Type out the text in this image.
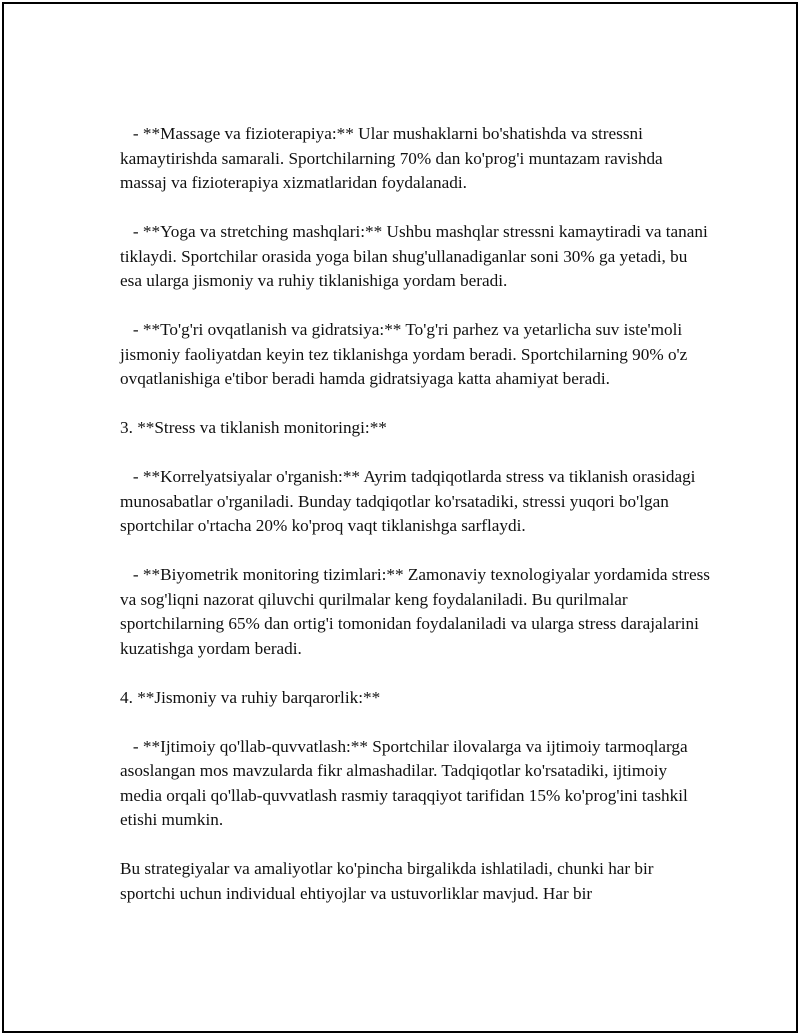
- **Massage va fizioterapiya:** Ular mushaklarni bo'shatishda va stressni kamaytirishda samarali. Sportchilarning 70% dan ko'prog'i muntazam ravishda massaj va fizioterapiya xizmatlaridan foydalanadi.

- **Yoga va stretching mashqlari:** Ushbu mashqlar stressni kamaytiradi va tanani tiklaydi. Sportchilar orasida yoga bilan shug'ullanadiganlar soni 30% ga yetadi, bu esa ularga jismoniy va ruhiy tiklanishiga yordam beradi.

- **To'g'ri ovqatlanish va gidratsiya:** To'g'ri parhez va yetarlicha suv iste'moli jismoniy faoliyatdan keyin tez tiklanishga yordam beradi. Sportchilarning 90% o'z ovqatlanishiga e'tibor beradi hamda gidratsiyaga katta ahamiyat beradi.

3. **Stress va tiklanish monitoringi:**

- **Korrelyatsiyalar o'rganish:** Ayrim tadqiqotlarda stress va tiklanish orasidagi munosabatlar o'rganiladi. Bunday tadqiqotlar ko'rsatadiki, stressi yuqori bo'lgan sportchilar o'rtacha 20% ko'proq vaqt tiklanishga sarflaydi.

- **Biyometrik monitoring tizimlari:** Zamonaviy texnologiyalar yordamida stress va sog'liqni nazorat qiluvchi qurilmalar keng foydalaniladi. Bu qurilmalar sportchilarning 65% dan ortig'i tomonidan foydalaniladi va ularga stress darajalarini kuzatishga yordam beradi.

4. **Jismoniy va ruhiy barqarorlik:**

- **Ijtimoiy qo'llab-quvvatlash:** Sportchilar ilovalarga va ijtimoiy tarmoqlarga asoslangan mos mavzularda fikr almashadilar. Tadqiqotlar ko'rsatadiki, ijtimoiy media orqali qo'llab-quvvatlash rasmiy taraqqiyot tarifidan 15% ko'prog'ini tashkil etishi mumkin.

Bu strategiyalar va amaliyotlar ko'pincha birgalikda ishlatiladi, chunki har bir sportchi uchun individual ehtiyojlar va ustuvorliklar mavjud. Har bir
